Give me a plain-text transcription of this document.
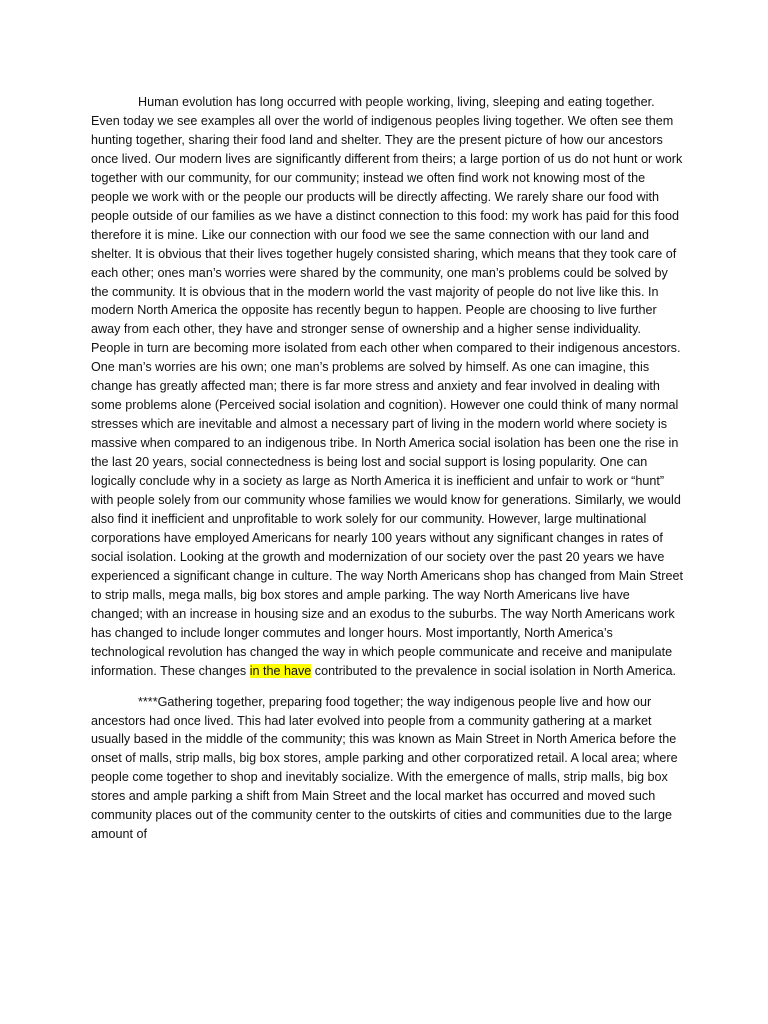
Human evolution has long occurred with people working, living, sleeping and eating together. Even today we see examples all over the world of indigenous peoples living together. We often see them hunting together, sharing their food land and shelter. They are the present picture of how our ancestors once lived. Our modern lives are significantly different from theirs; a large portion of us do not hunt or work together with our community, for our community; instead we often find work not knowing most of the people we work with or the people our products will be directly affecting. We rarely share our food with people outside of our families as we have a distinct connection to this food: my work has paid for this food therefore it is mine. Like our connection with our food we see the same connection with our land and shelter. It is obvious that their lives together hugely consisted sharing, which means that they took care of each other; ones man’s worries were shared by the community, one man’s problems could be solved by the community. It is obvious that in the modern world the vast majority of people do not live like this. In modern North America the opposite has recently begun to happen. People are choosing to live further away from each other, they have and stronger sense of ownership and a higher sense individuality. People in turn are becoming more isolated from each other when compared to their indigenous ancestors. One man’s worries are his own; one man’s problems are solved by himself. As one can imagine, this change has greatly affected man; there is far more stress and anxiety and fear involved in dealing with some problems alone (Perceived social isolation and cognition). However one could think of many normal stresses which are inevitable and almost a necessary part of living in the modern world where society is massive when compared to an indigenous tribe. In North America social isolation has been one the rise in the last 20 years, social connectedness is being lost and social support is losing popularity. One can logically conclude why in a society as large as North America it is inefficient and unfair to work or “hunt” with people solely from our community whose families we would know for generations. Similarly, we would also find it inefficient and unprofitable to work solely for our community. However, large multinational corporations have employed Americans for nearly 100 years without any significant changes in rates of social isolation. Looking at the growth and modernization of our society over the past 20 years we have experienced a significant change in culture. The way North Americans shop has changed from Main Street to strip malls, mega malls, big box stores and ample parking. The way North Americans live have changed; with an increase in housing size and an exodus to the suburbs. The way North Americans work has changed to include longer commutes and longer hours. Most importantly, North America’s technological revolution has changed the way in which people communicate and receive and manipulate information. These changes in the have contributed to the prevalence in social isolation in North America.

****Gathering together, preparing food together; the way indigenous people live and how our ancestors had once lived. This had later evolved into people from a community gathering at a market usually based in the middle of the community; this was known as Main Street in North America before the onset of malls, strip malls, big box stores, ample parking and other corporatized retail. A local area; where people come together to shop and inevitably socialize. With the emergence of malls, strip malls, big box stores and ample parking a shift from Main Street and the local market has occurred and moved such community places out of the community center to the outskirts of cities and communities due to the large amount of
